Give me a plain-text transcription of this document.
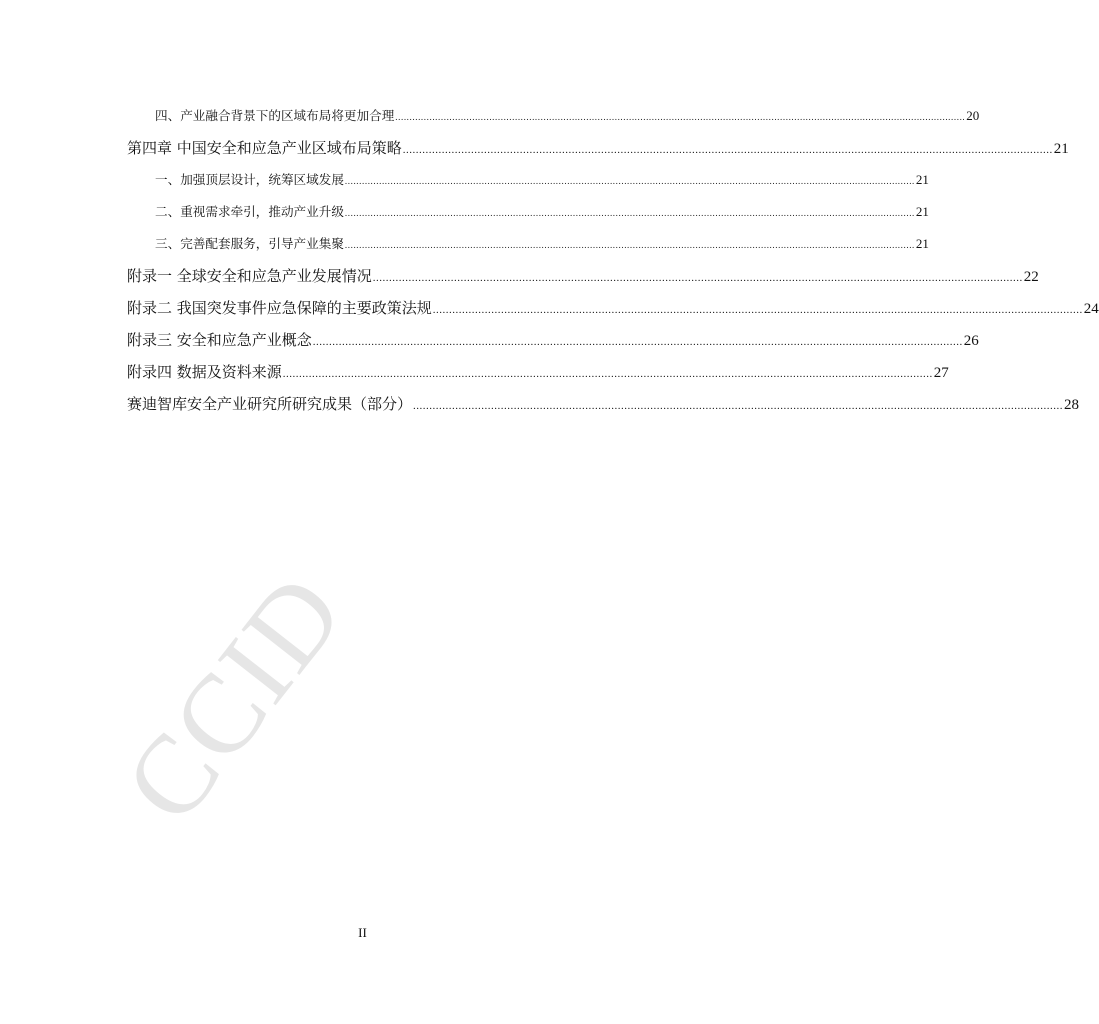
四、产业融合背景下的区域布局将更加合理 ........................................................................................................................................................................................................ 20
第四章 中国安全和应急产业区域布局策略 ........................................................................................................................................................................................................ 21
一、加强顶层设计，统筹区域发展 ........................................................................................................................................................................................................ 21
二、重视需求牵引，推动产业升级 ........................................................................................................................................................................................................ 21
三、完善配套服务，引导产业集聚 ........................................................................................................................................................................................................ 21
附录一 全球安全和应急产业发展情况 ........................................................................................................................................................................................................ 22
附录二 我国突发事件应急保障的主要政策法规 ........................................................................................................................................................................................................ 24
附录三 安全和应急产业概念 ........................................................................................................................................................................................................ 26
附录四 数据及资料来源 ........................................................................................................................................................................................................ 27
赛迪智库安全产业研究所研究成果（部分） ........................................................................................................................................................................................................ 28
CCID
II
